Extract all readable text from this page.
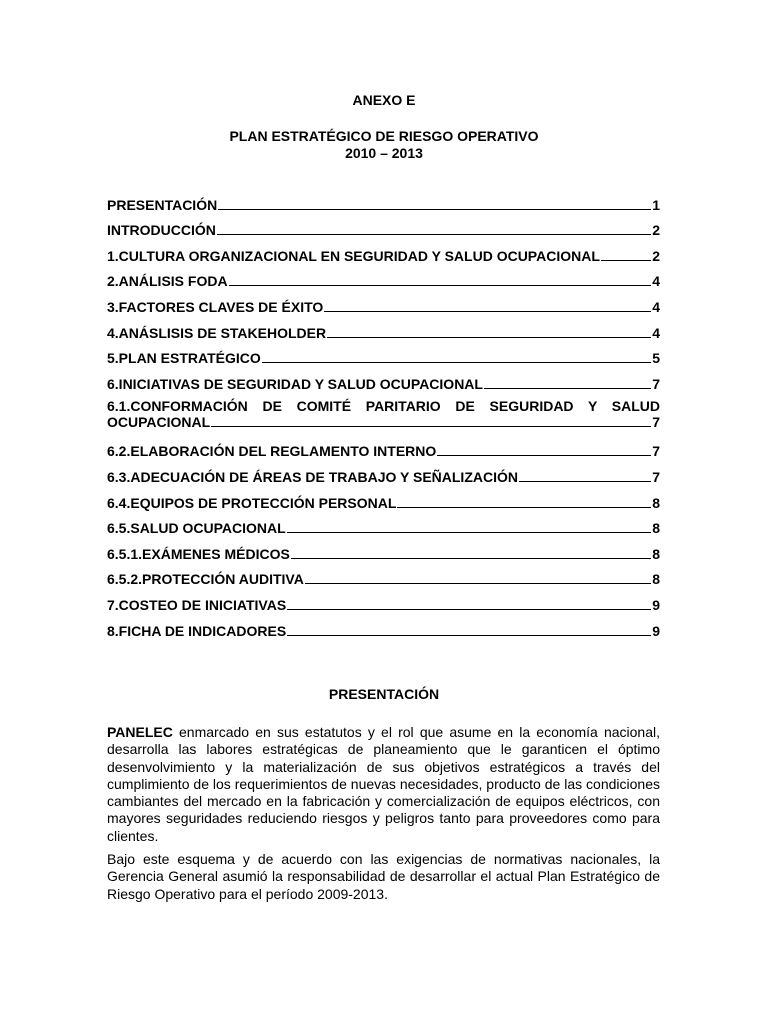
ANEXO E
PLAN ESTRATÉGICO DE RIESGO OPERATIVO
2010 – 2013
PRESENTACIÓN	1
INTRODUCCIÓN	2
1.CULTURA ORGANIZACIONAL EN SEGURIDAD Y SALUD OCUPACIONAL	2
2.ANÁLISIS FODA	4
3.FACTORES CLAVES DE ÉXITO	4
4.ANÁSLISIS DE STAKEHOLDER	4
5.PLAN ESTRATÉGICO	5
6.INICIATIVAS DE SEGURIDAD Y SALUD OCUPACIONAL	7
6.1.CONFORMACIÓN DE COMITÉ PARITARIO DE SEGURIDAD Y SALUD
OCUPACIONAL	7
6.2.ELABORACIÓN DEL REGLAMENTO INTERNO	7
6.3.ADECUACIÓN DE ÁREAS DE TRABAJO Y SEÑALIZACIÓN	7
6.4.EQUIPOS DE PROTECCIÓN PERSONAL	8
6.5.SALUD OCUPACIONAL	8
6.5.1.EXÁMENES MÉDICOS	8
6.5.2.PROTECCIÓN AUDITIVA	8
7.COSTEO DE INICIATIVAS	9
8.FICHA DE INDICADORES	9
PRESENTACIÓN
PANELEC enmarcado en sus estatutos y el rol que asume en la economía nacional, desarrolla las labores estratégicas de planeamiento que le garanticen el óptimo desenvolvimiento y la materialización de sus objetivos estratégicos a través del cumplimiento de los requerimientos de nuevas necesidades, producto de las condiciones cambiantes del mercado en la fabricación y comercialización de equipos eléctricos, con mayores seguridades reduciendo riesgos y peligros tanto para proveedores como para clientes.
Bajo este esquema y de acuerdo con las exigencias de normativas nacionales, la Gerencia General asumió la responsabilidad de desarrollar el actual Plan Estratégico de Riesgo Operativo para el período 2009-2013.
